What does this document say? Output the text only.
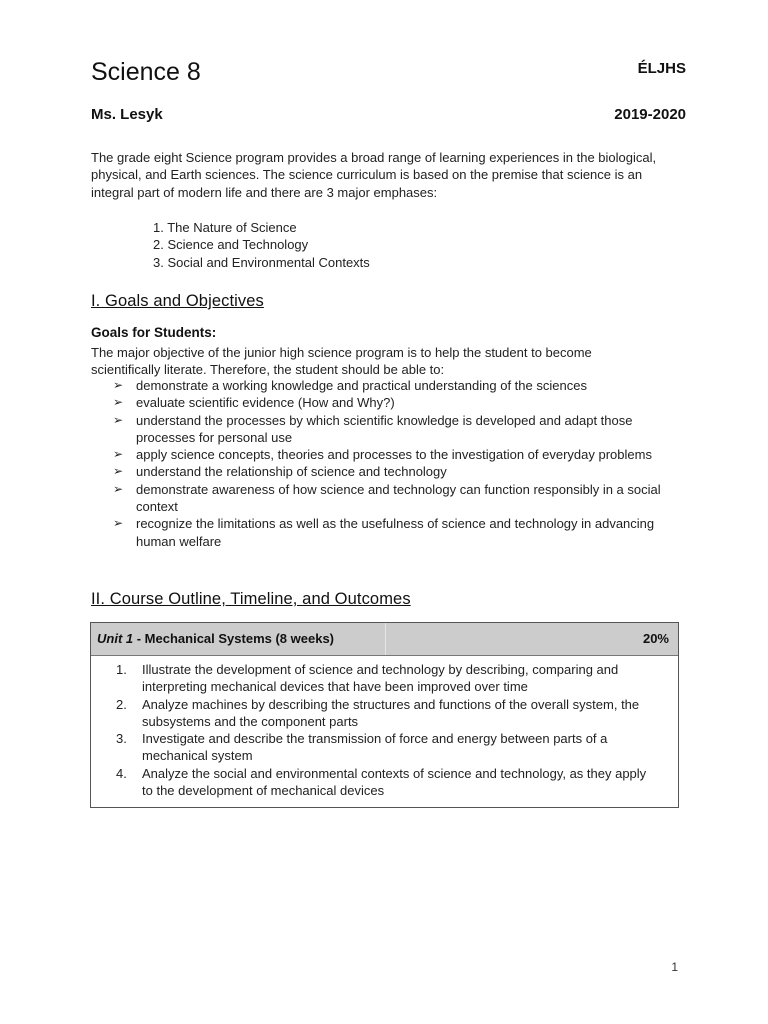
Science 8	ÉLJHS
Ms. Lesyk	2019-2020

The grade eight Science program provides a broad range of learning experiences in the biological, physical, and Earth sciences. The science curriculum is based on the premise that science is an integral part of modern life and there are 3 major emphases:

1. The Nature of Science
2. Science and Technology
3. Social and Environmental Contexts
I. Goals and Objectives
Goals for Students:

The major objective of the junior high science program is to help the student to become scientifically literate. Therefore, the student should be able to:

➢ demonstrate a working knowledge and practical understanding of the sciences
➢ evaluate scientific evidence (How and Why?)
➢ understand the processes by which scientific knowledge is developed and adapt those processes for personal use
➢ apply science concepts, theories and processes to the investigation of everyday problems
➢ understand the relationship of science and technology
➢ demonstrate awareness of how science and technology can function responsibly in a social context
➢ recognize the limitations as well as the usefulness of science and technology in advancing human welfare
II. Course Outline, Timeline, and Outcomes
Unit 1 - Mechanical Systems (8 weeks)	20%
1. Illustrate the development of science and technology by describing, comparing and interpreting mechanical devices that have been improved over time
2. Analyze machines by describing the structures and functions of the overall system, the subsystems and the component parts
3. Investigate and describe the transmission of force and energy between parts of a mechanical system
4. Analyze the social and environmental contexts of science and technology, as they apply to the development of mechanical devices
1
